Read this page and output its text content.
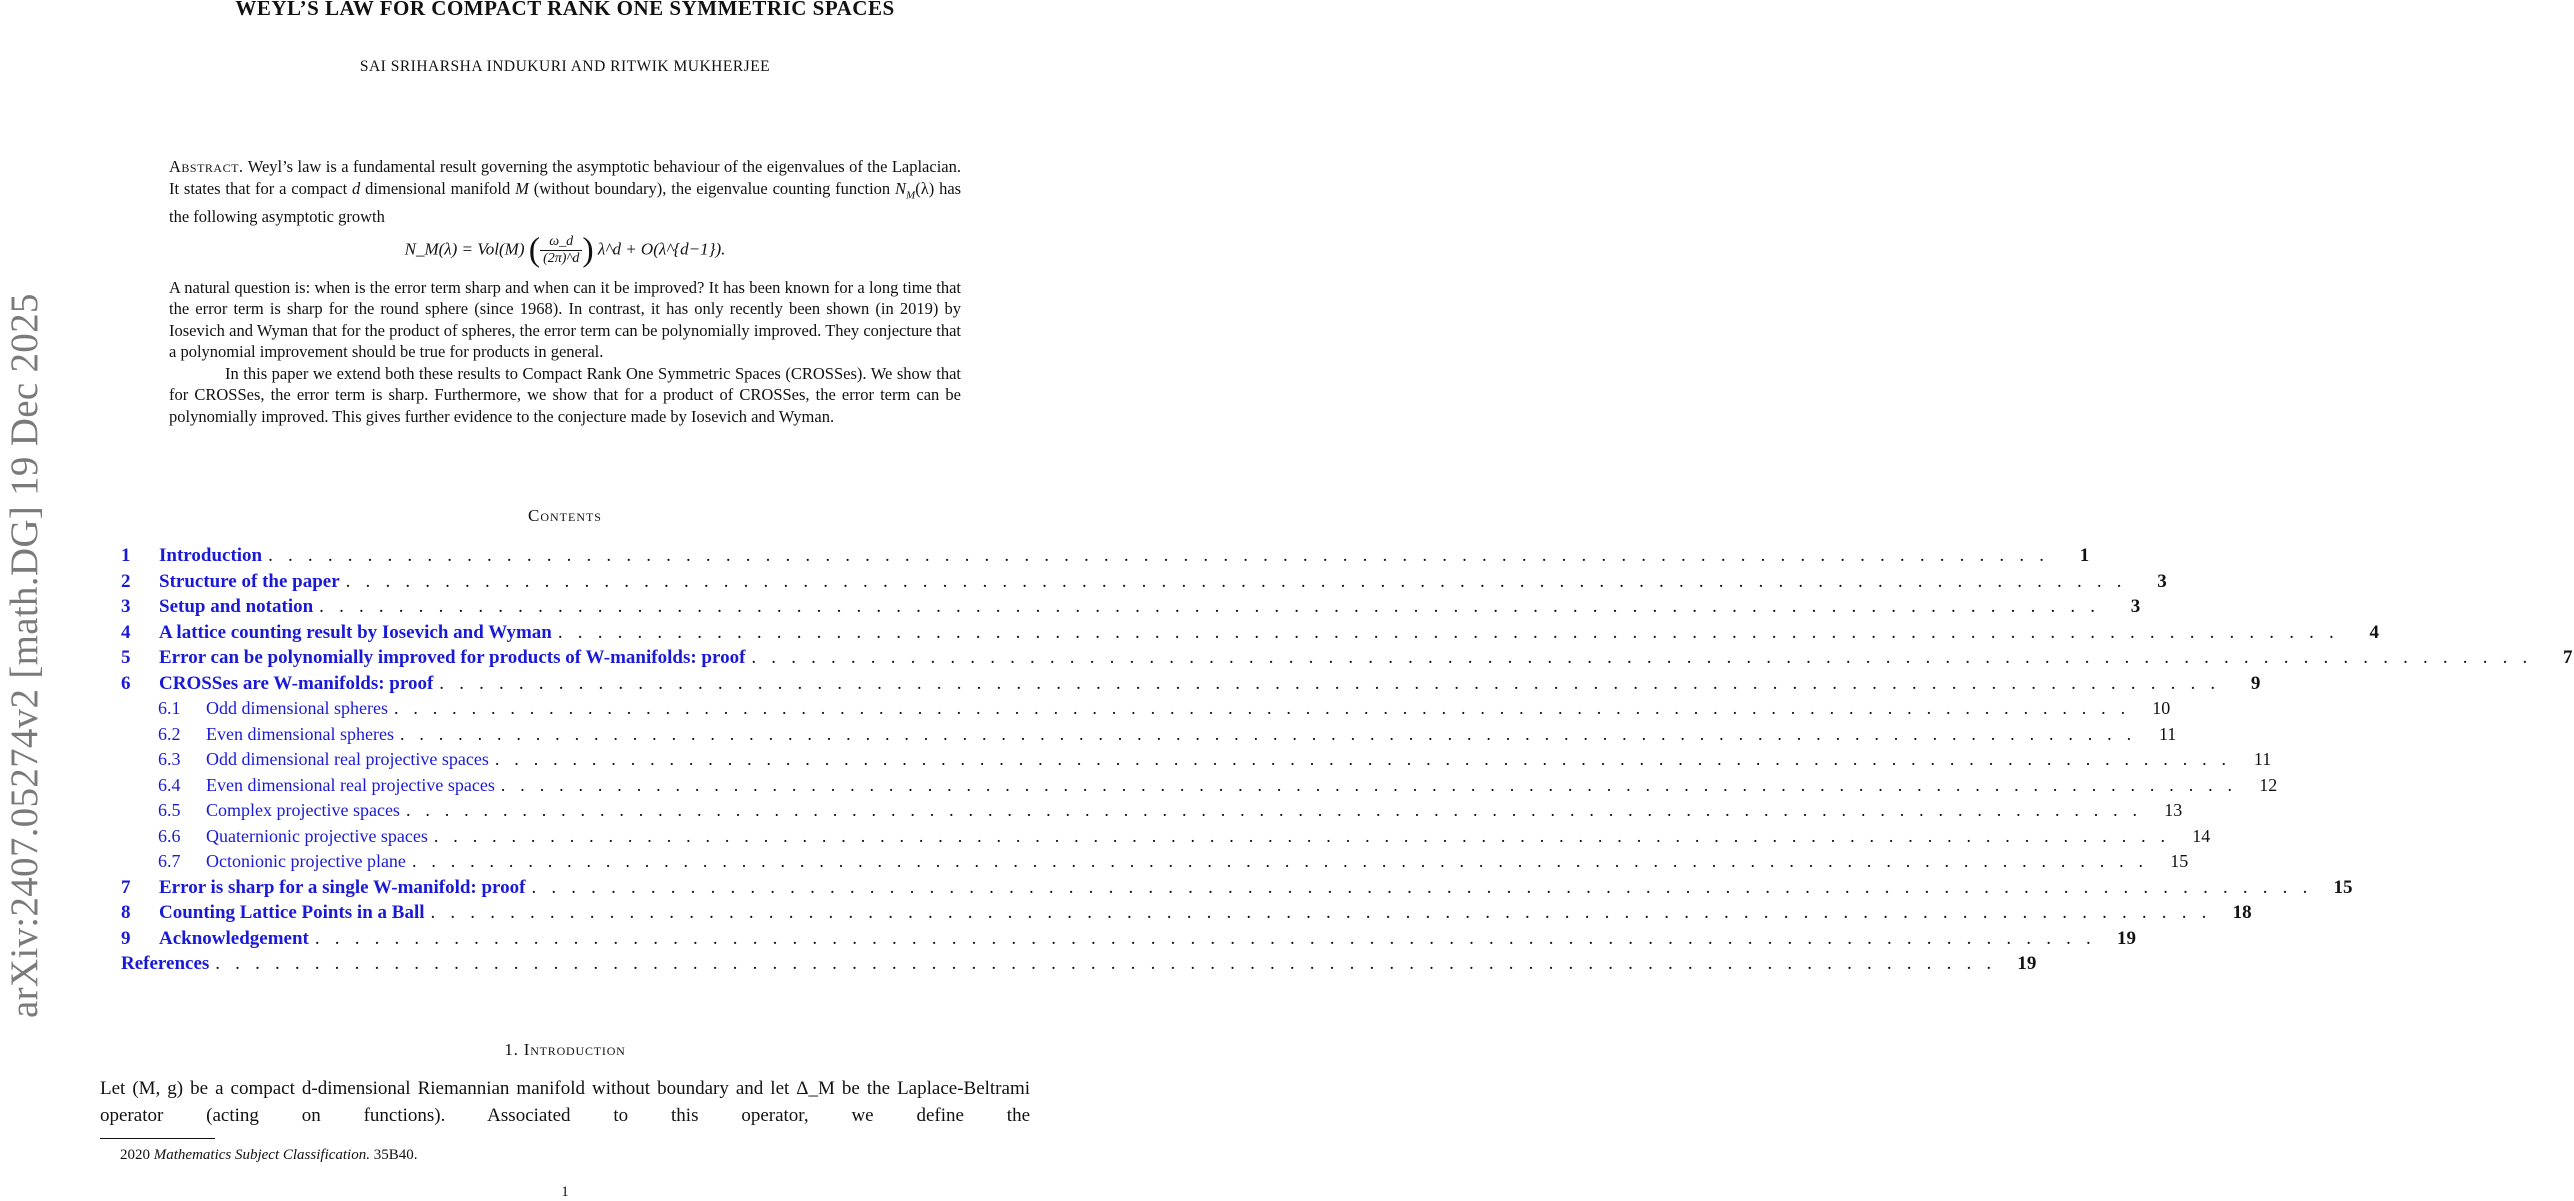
arXiv:2407.05274v2 [math.DG] 19 Dec 2025
WEYL’S LAW FOR COMPACT RANK ONE SYMMETRIC SPACES
SAI SRIHARSHA INDUKURI AND RITWIK MUKHERJEE

Abstract. Weyl’s law is a fundamental result governing the asymptotic behaviour of the eigenvalues of the Laplacian. It states that for a compact d dimensional manifold M (without boundary), the eigenvalue counting function $N_M(\lambda)$ has the following asymptotic growth

N_M(λ) = Vol(M) ( $\frac{\omega\_d}{(2\pi)\^{}d}$ ) λ^d + O(λ^{d−1}).

A natural question is: when is the error term sharp and when can it be improved? It has been known for a long time that the error term is sharp for the round sphere (since 1968). In contrast, it has only recently been shown (in 2019) by Iosevich and Wyman that for the product of spheres, the error term can be polynomially improved. They conjecture that a polynomial improvement should be true for products in general.

In this paper we extend both these results to Compact Rank One Symmetric Spaces (CROSSes). We show that for CROSSes, the error term is sharp. Furthermore, we show that for a product of CROSSes, the error term can be polynomially improved. This gives further evidence to the conjecture made by Iosevich and Wyman.

Contents
1	Introduction . . . . . . . . . . . . . . . . . . . . . . . . . . . . . . . . . . . . . . . . . . . . . . . . . . . . . . . . . . . . . . . . . . . . . . . . . . . . . . . . . . . . . . . . . .	1
2	Structure of the paper . . . . . . . . . . . . . . . . . . . . . . . . . . . . . . . . . . . . . . . . . . . . . . . . . . . . . . . . . . . . . . . . . . . . . . . . . . . . . . . . . . . . . . . . . .	3
3	Setup and notation . . . . . . . . . . . . . . . . . . . . . . . . . . . . . . . . . . . . . . . . . . . . . . . . . . . . . . . . . . . . . . . . . . . . . . . . . . . . . . . . . . . . . . . . . .	3
4	A lattice counting result by Iosevich and Wyman . . . . . . . . . . . . . . . . . . . . . . . . . . . . . . . . . . . . . . . . . . . . . . . . . . . . . . . . . . . . . . . . . . . . . . . . . . . . . . . . . . . . . . . . . .	4
5	Error can be polynomially improved for products of W-manifolds: proof . . . . . . . . . . . . . . . . . . . . . . . . . . . . . . . . . . . . . . . . . . . . . . . . . . . . . . . . . . . . . . . . . . . . . . . . . . . . . . . . . . . . . . . . . .	7
6	CROSSes are W-manifolds: proof . . . . . . . . . . . . . . . . . . . . . . . . . . . . . . . . . . . . . . . . . . . . . . . . . . . . . . . . . . . . . . . . . . . . . . . . . . . . . . . . . . . . . . . . . .	9
6.1	Odd dimensional spheres . . . . . . . . . . . . . . . . . . . . . . . . . . . . . . . . . . . . . . . . . . . . . . . . . . . . . . . . . . . . . . . . . . . . . . . . . . . . . . . . . . . . . . . . . .	10
6.2	Even dimensional spheres . . . . . . . . . . . . . . . . . . . . . . . . . . . . . . . . . . . . . . . . . . . . . . . . . . . . . . . . . . . . . . . . . . . . . . . . . . . . . . . . . . . . . . . . . .	11
6.3	Odd dimensional real projective spaces . . . . . . . . . . . . . . . . . . . . . . . . . . . . . . . . . . . . . . . . . . . . . . . . . . . . . . . . . . . . . . . . . . . . . . . . . . . . . . . . . . . . . . . . . .	11
6.4	Even dimensional real projective spaces . . . . . . . . . . . . . . . . . . . . . . . . . . . . . . . . . . . . . . . . . . . . . . . . . . . . . . . . . . . . . . . . . . . . . . . . . . . . . . . . . . . . . . . . . .	12
6.5	Complex projective spaces . . . . . . . . . . . . . . . . . . . . . . . . . . . . . . . . . . . . . . . . . . . . . . . . . . . . . . . . . . . . . . . . . . . . . . . . . . . . . . . . . . . . . . . . . .	13
6.6	Quaternionic projective spaces . . . . . . . . . . . . . . . . . . . . . . . . . . . . . . . . . . . . . . . . . . . . . . . . . . . . . . . . . . . . . . . . . . . . . . . . . . . . . . . . . . . . . . . . . .	14
6.7	Octonionic projective plane . . . . . . . . . . . . . . . . . . . . . . . . . . . . . . . . . . . . . . . . . . . . . . . . . . . . . . . . . . . . . . . . . . . . . . . . . . . . . . . . . . . . . . . . . .	15
7	Error is sharp for a single W-manifold: proof . . . . . . . . . . . . . . . . . . . . . . . . . . . . . . . . . . . . . . . . . . . . . . . . . . . . . . . . . . . . . . . . . . . . . . . . . . . . . . . . . . . . . . . . . .	15
8	Counting Lattice Points in a Ball . . . . . . . . . . . . . . . . . . . . . . . . . . . . . . . . . . . . . . . . . . . . . . . . . . . . . . . . . . . . . . . . . . . . . . . . . . . . . . . . . . . . . . . . . .	18
9	Acknowledgement . . . . . . . . . . . . . . . . . . . . . . . . . . . . . . . . . . . . . . . . . . . . . . . . . . . . . . . . . . . . . . . . . . . . . . . . . . . . . . . . . . . . . . . . . .	19
References . . . . . . . . . . . . . . . . . . . . . . . . . . . . . . . . . . . . . . . . . . . . . . . . . . . . . . . . . . . . . . . . . . . . . . . . . . . . . . . . . . . . . . . . . .	19
1. Introduction
Let (M, g) be a compact d-dimensional Riemannian manifold without boundary and let Δ_M be the Laplace-Beltrami operator (acting on functions). Associated to this operator, we define the
2020 Mathematics Subject Classification. 35B40.
1
